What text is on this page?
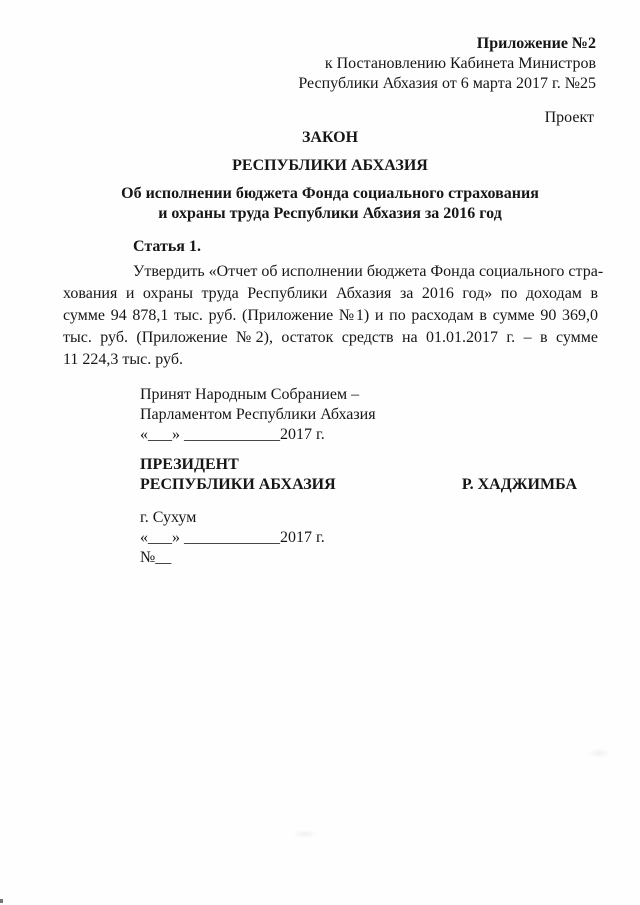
Приложение №2
к Постановлению Кабинета Министров
Республики Абхазия от 6 марта 2017 г. №25
Проект
ЗАКОН
РЕСПУБЛИКИ АБХАЗИЯ
Об исполнении бюджета Фонда социального страхования
и охраны труда Республики Абхазия за 2016 год
Статья 1.
Утвердить «Отчет об исполнении бюджета Фонда социального стра-
хования и охраны труда Республики Абхазия за 2016 год» по доходам в
сумме 94 878,1 тыс. руб. (Приложение №1) и по расходам в сумме 90 369,0
тыс. руб. (Приложение №2), остаток средств на 01.01.2017 г. – в сумме
11 224,3 тыс. руб.
Принят Народным Собранием –
Парламентом Республики Абхазия
«___» ____________2017 г.
ПРЕЗИДЕНТ
РЕСПУБЛИКИ АБХАЗИЯ	Р. ХАДЖИМБА
г. Сухум
«___» ____________2017 г.
№__
